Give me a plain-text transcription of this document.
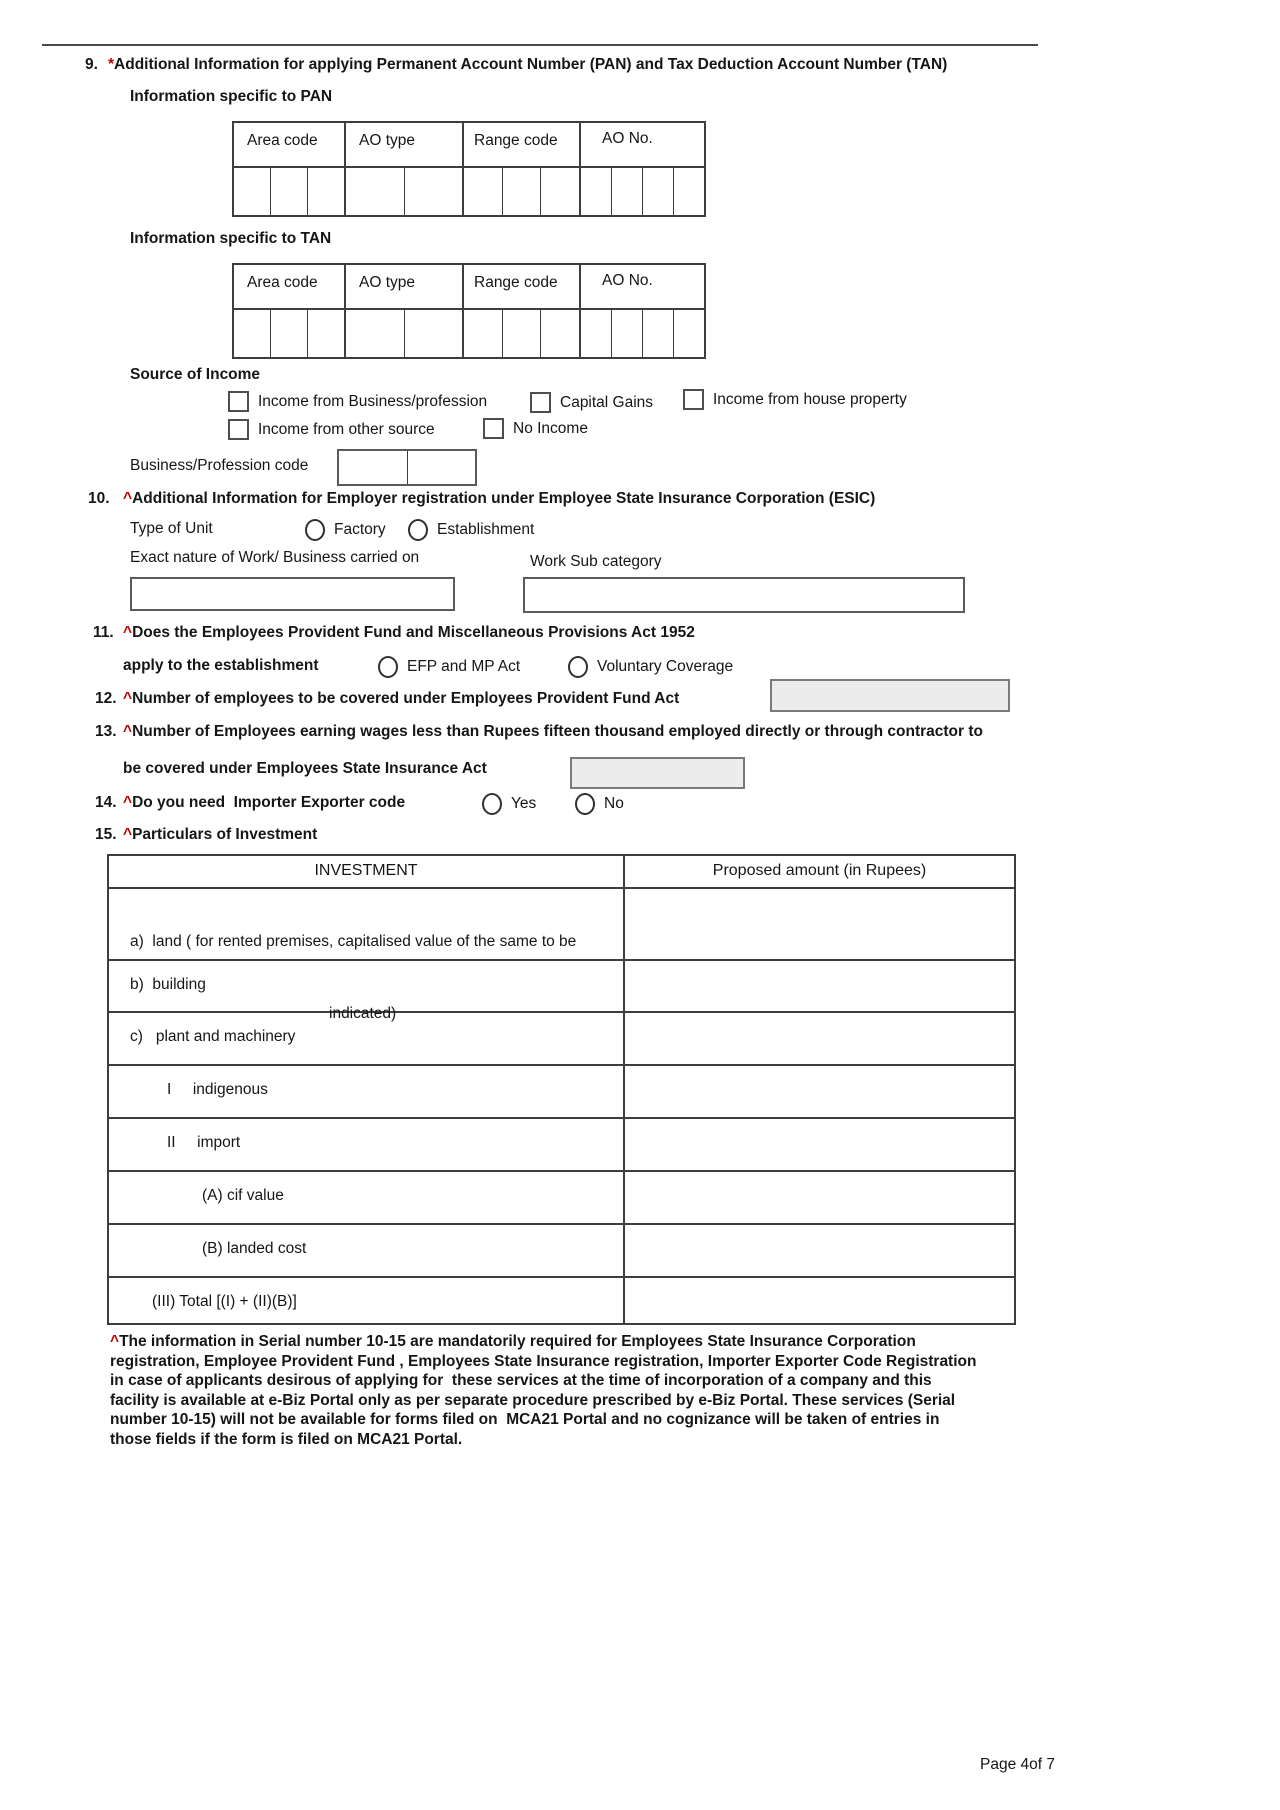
9. *Additional Information for applying Permanent Account Number (PAN) and Tax Deduction Account Number (TAN)
Information specific to PAN
Area code	AO type	Range code	AO No.
Information specific to TAN
Area code	AO type	Range code	AO No.
Source of Income
Income from Business/profession	Capital Gains	Income from house property
Income from other source	No Income
Business/Profession code
10. ^Additional Information for Employer registration under Employee State Insurance Corporation (ESIC)
Type of Unit	Factory	Establishment
Exact nature of Work/ Business carried on	Work Sub category
11. ^Does the Employees Provident Fund and Miscellaneous Provisions Act 1952
apply to the establishment	EFP and MP Act	Voluntary Coverage
12. ^Number of employees to be covered under Employees Provident Fund Act
13. ^Number of Employees earning wages less than Rupees fifteen thousand employed directly or through contractor to
be covered under Employees State Insurance Act
14. ^Do you need  Importer Exporter code	Yes	No
15. ^Particulars of Investment
INVESTMENT	Proposed amount (in Rupees)

a)  land ( for rented premises, capitalised value of the same to be

indicated)

b)  building
c)   plant and machinery
I     indigenous
II     import
(A) cif value
(B) landed cost
(III) Total [(I) + (II)(B)]
^The information in Serial number 10-15 are mandatorily required for Employees State Insurance Corporation
registration, Employee Provident Fund , Employees State Insurance registration, Importer Exporter Code Registration
in case of applicants desirous of applying for  these services at the time of incorporation of a company and this
facility is available at e-Biz Portal only as per separate procedure prescribed by e-Biz Portal. These services (Serial
number 10-15) will not be available for forms filed on  MCA21 Portal and no cognizance will be taken of entries in
those fields if the form is filed on MCA21 Portal.
Page 4of 7
